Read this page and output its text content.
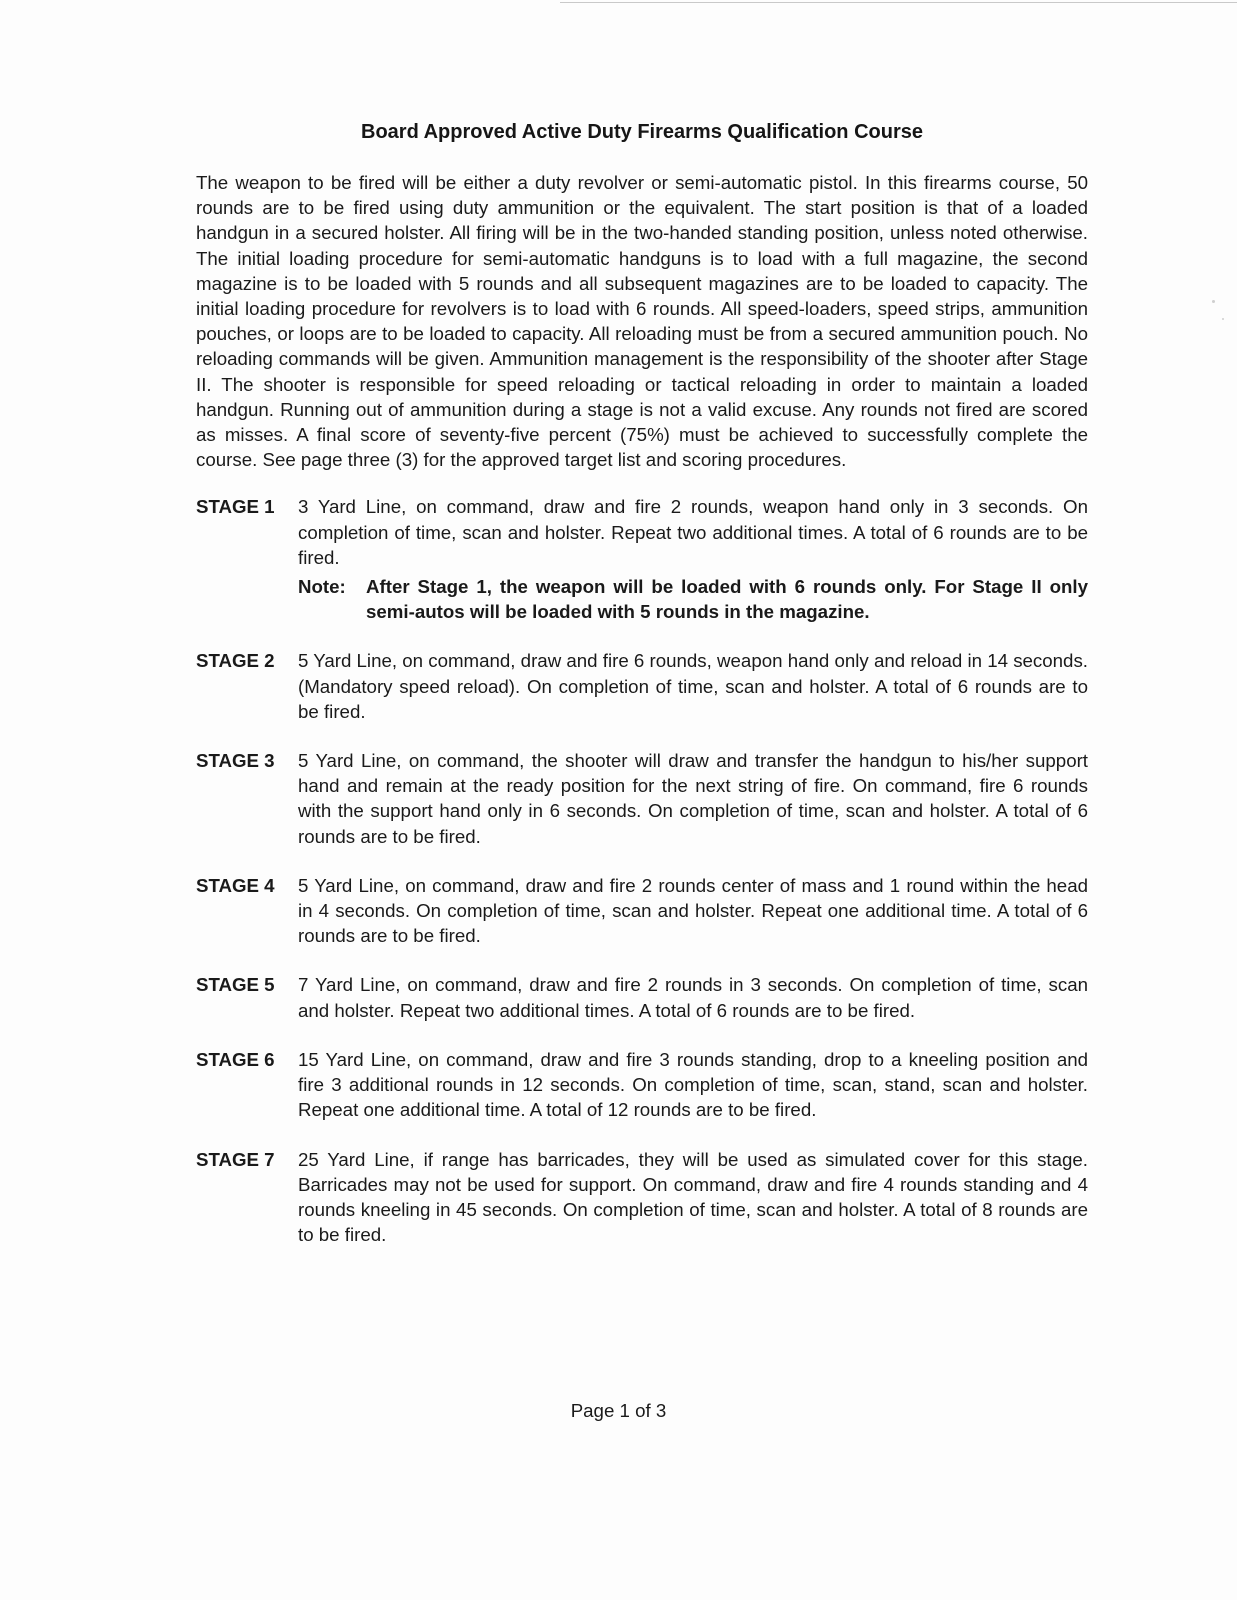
Board Approved Active Duty Firearms Qualification Course

The weapon to be fired will be either a duty revolver or semi-automatic pistol. In this firearms course, 50 rounds are to be fired using duty ammunition or the equivalent. The start position is that of a loaded handgun in a secured holster. All firing will be in the two-handed standing position, unless noted otherwise. The initial loading procedure for semi-automatic handguns is to load with a full magazine, the second magazine is to be loaded with 5 rounds and all subsequent magazines are to be loaded to capacity. The initial loading procedure for revolvers is to load with 6 rounds. All speed-loaders, speed strips, ammunition pouches, or loops are to be loaded to capacity. All reloading must be from a secured ammunition pouch. No reloading commands will be given. Ammunition management is the responsibility of the shooter after Stage II. The shooter is responsible for speed reloading or tactical reloading in order to maintain a loaded handgun. Running out of ammunition during a stage is not a valid excuse. Any rounds not fired are scored as misses. A final score of seventy-five percent (75%) must be achieved to successfully complete the course. See page three (3) for the approved target list and scoring procedures.

STAGE 1	3 Yard Line, on command, draw and fire 2 rounds, weapon hand only in 3 seconds. On completion of time, scan and holster. Repeat two additional times. A total of 6 rounds are to be fired.

Note:	After Stage 1, the weapon will be loaded with 6 rounds only. For Stage II only semi-autos will be loaded with 5 rounds in the magazine.
STAGE 2	5 Yard Line, on command, draw and fire 6 rounds, weapon hand only and reload in 14 seconds. (Mandatory speed reload). On completion of time, scan and holster. A total of 6 rounds are to be fired.

STAGE 3	5 Yard Line, on command, the shooter will draw and transfer the handgun to his/her support hand and remain at the ready position for the next string of fire. On command, fire 6 rounds with the support hand only in 6 seconds. On completion of time, scan and holster. A total of 6 rounds are to be fired.

STAGE 4	5 Yard Line, on command, draw and fire 2 rounds center of mass and 1 round within the head in 4 seconds. On completion of time, scan and holster. Repeat one additional time. A total of 6 rounds are to be fired.

STAGE 5	7 Yard Line, on command, draw and fire 2 rounds in 3 seconds. On completion of time, scan and holster. Repeat two additional times. A total of 6 rounds are to be fired.

STAGE 6	15 Yard Line, on command, draw and fire 3 rounds standing, drop to a kneeling position and fire 3 additional rounds in 12 seconds. On completion of time, scan, stand, scan and holster. Repeat one additional time. A total of 12 rounds are to be fired.

STAGE 7	25 Yard Line, if range has barricades, they will be used as simulated cover for this stage. Barricades may not be used for support. On command, draw and fire 4 rounds standing and 4 rounds kneeling in 45 seconds. On completion of time, scan and holster. A total of 8 rounds are to be fired.

Page 1 of 3
